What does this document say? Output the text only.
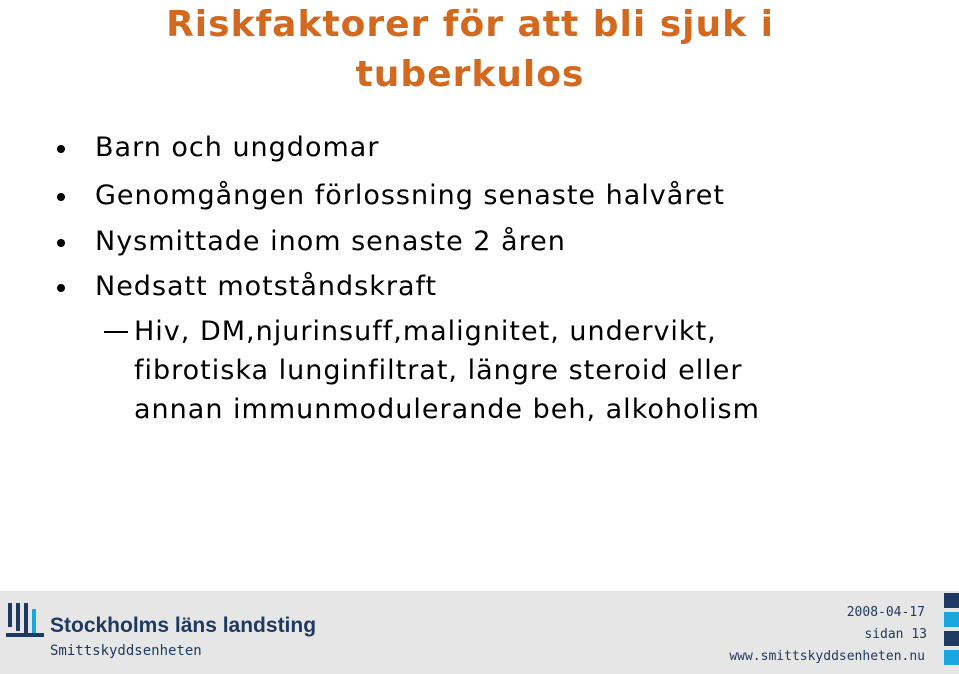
Riskfaktorer för att bli sjuk i
tuberkulos
Barn och ungdomar
Genomgången förlossning senaste halvåret
Nysmittade inom senaste 2 åren
Nedsatt motståndskraft
Hiv, DM,njurinsuff,malignitet, undervikt,
fibrotiska lunginfiltrat, längre steroid eller
annan immunmodulerande beh, alkoholism
Stockholms läns landsting
Smittskyddsenheten
2008-04-17
sidan 13
www.smittskyddsenheten.nu
